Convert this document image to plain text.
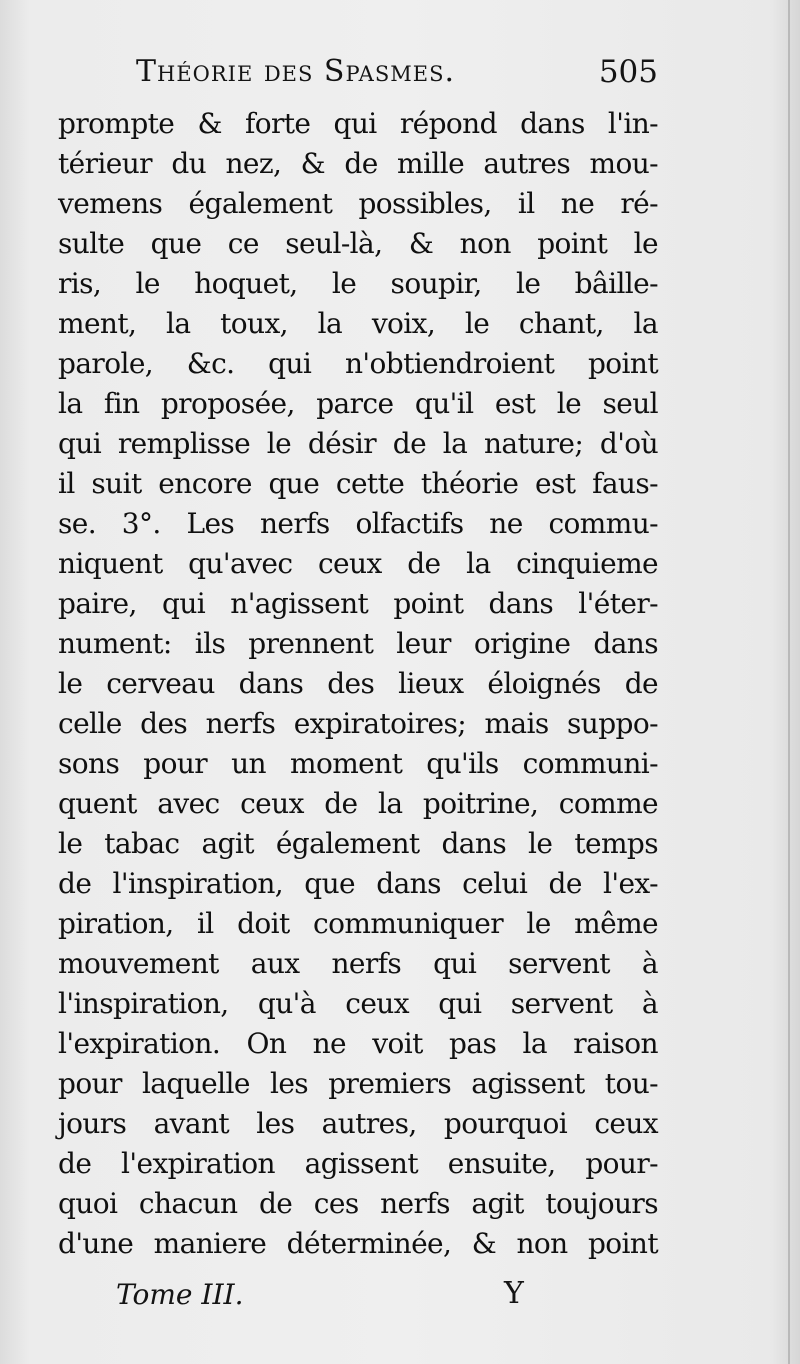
Théorie des Spasmes.	505
prompte & forte qui répond dans l'in-
térieur du nez, & de mille autres mou-
vemens également possibles, il ne ré-
sulte que ce seul-là, & non point le
ris, le hoquet, le soupir, le bâille-
ment, la toux, la voix, le chant, la
parole, &c. qui n'obtiendroient point
la fin proposée, parce qu'il est le seul
qui remplisse le désir de la nature; d'où
il suit encore que cette théorie est faus-
se. 3°. Les nerfs olfactifs ne commu-
niquent qu'avec ceux de la cinquieme
paire, qui n'agissent point dans l'éter-
nument: ils prennent leur origine dans
le cerveau dans des lieux éloignés de
celle des nerfs expiratoires; mais suppo-
sons pour un moment qu'ils communi-
quent avec ceux de la poitrine, comme
le tabac agit également dans le temps
de l'inspiration, que dans celui de l'ex-
piration, il doit communiquer le même
mouvement aux nerfs qui servent à
l'inspiration, qu'à ceux qui servent à
l'expiration. On ne voit pas la raison
pour laquelle les premiers agissent tou-
jours avant les autres, pourquoi ceux
de l'expiration agissent ensuite, pour-
quoi chacun de ces nerfs agit toujours
d'une maniere déterminée, & non point
Tome III.	Y
